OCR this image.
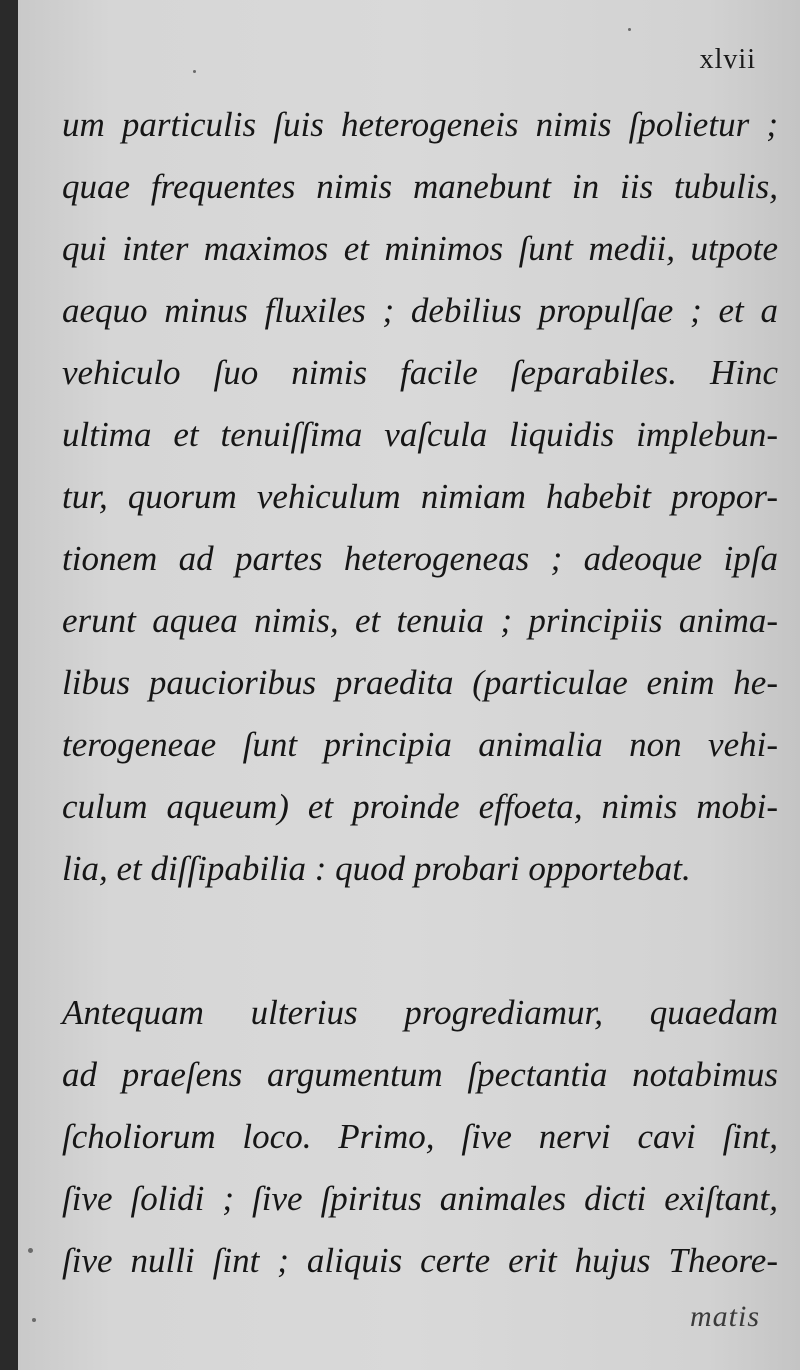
xlvii
um particulis ſuis heterogeneis nimis ſpolietur ;
quae frequentes nimis manebunt in iis tubulis,
qui inter maximos et minimos ſunt medii, utpote
aequo minus fluxiles ; debilius propulſae ; et a
vehiculo ſuo nimis facile ſeparabiles. Hinc
ultima et tenuiſſima vaſcula liquidis implebun-
tur, quorum vehiculum nimiam habebit propor-
tionem ad partes heterogeneas ; adeoque ipſa
erunt aquea nimis, et tenuia ; principiis anima-
libus paucioribus praedita (particulae enim he-
terogeneae ſunt principia animalia non vehi-
culum aqueum) et proinde effoeta, nimis mobi-
lia, et diſſipabilia : quod probari opportebat.
Antequam ulterius progrediamur, quaedam
ad praeſens argumentum ſpectantia notabimus
ſcholiorum loco. Primo, ſive nervi cavi ſint,
ſive ſolidi ; ſive ſpiritus animales dicti exiſtant,
ſive nulli ſint ; aliquis certe erit hujus Theore-
matis
